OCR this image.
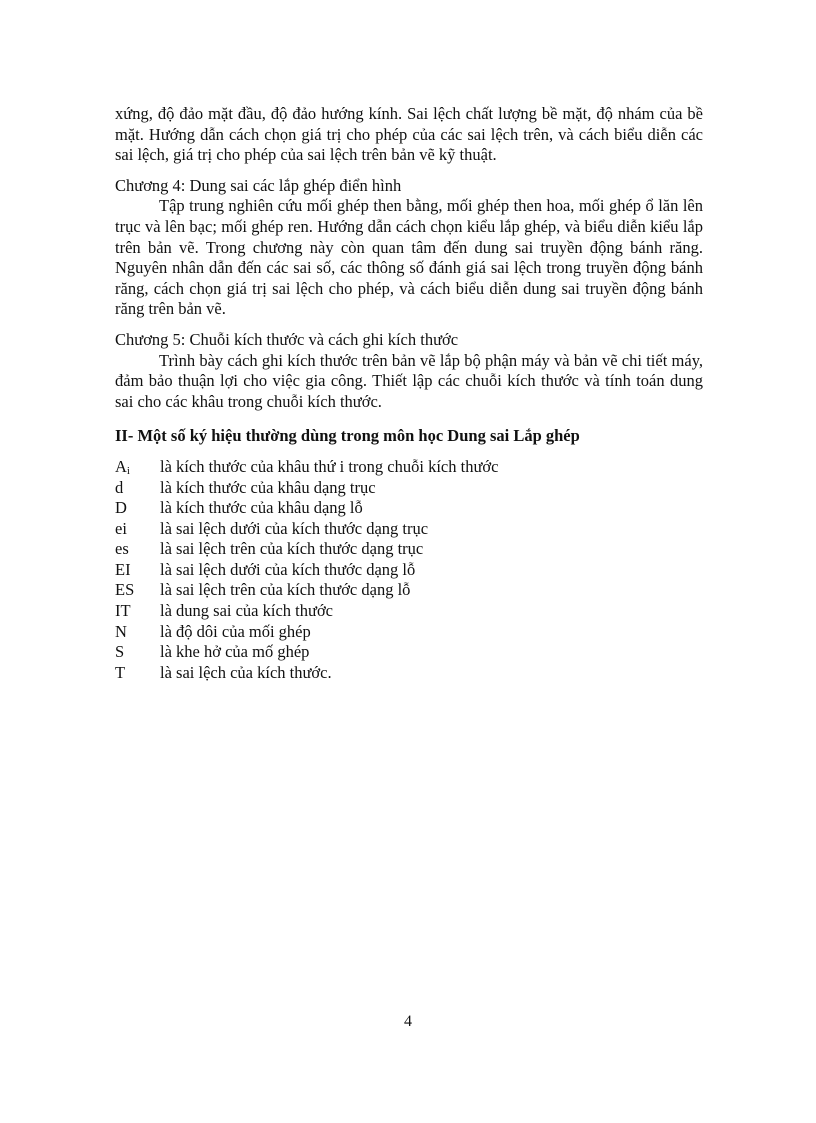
xứng, độ đảo mặt đầu, độ đảo hướng kính. Sai lệch chất lượng bề mặt, độ nhám của bề mặt. Hướng dẫn cách chọn giá trị cho phép của các sai lệch trên, và cách biểu diễn các sai lệch, giá trị cho phép của sai lệch trên bản vẽ kỹ thuật.

Chương 4: Dung sai các lắp ghép điển hình

Tập trung nghiên cứu mối ghép then bằng, mối ghép then hoa, mối ghép ổ lăn lên trục và lên bạc; mối ghép ren. Hướng dẫn cách chọn kiểu lắp ghép, và biểu diễn kiểu lắp trên bản vẽ. Trong chương này còn quan tâm đến dung sai truyền động bánh răng. Nguyên nhân dẫn đến các sai số, các thông số đánh giá sai lệch trong truyền động bánh răng, cách chọn giá trị sai lệch cho phép, và cách biểu diễn dung sai truyền động bánh răng trên bản vẽ.

Chương 5: Chuỗi kích thước và cách ghi kích thước

Trình bày cách ghi kích thước trên bản vẽ lắp bộ phận máy và bản vẽ chi tiết máy, đảm bảo thuận lợi cho việc gia công. Thiết lập các chuỗi kích thước và tính toán dung sai cho các khâu trong chuỗi kích thước.

II- Một số ký hiệu thường dùng trong môn học Dung sai Lắp ghép

$A_i$	là kích thước của khâu thứ i trong chuỗi kích thước
d	là kích thước của khâu dạng trục
D	là kích thước của khâu dạng lỗ
ei	là sai lệch dưới của kích thước dạng trục
es	là sai lệch trên của kích thước dạng trục
EI	là sai lệch dưới của kích thước dạng lỗ
ES	là sai lệch trên của kích thước dạng lỗ
IT	là dung sai của kích thước
N	là độ dôi của mối ghép
S	là khe hở của mố ghép
T	là sai lệch của kích thước.
4
